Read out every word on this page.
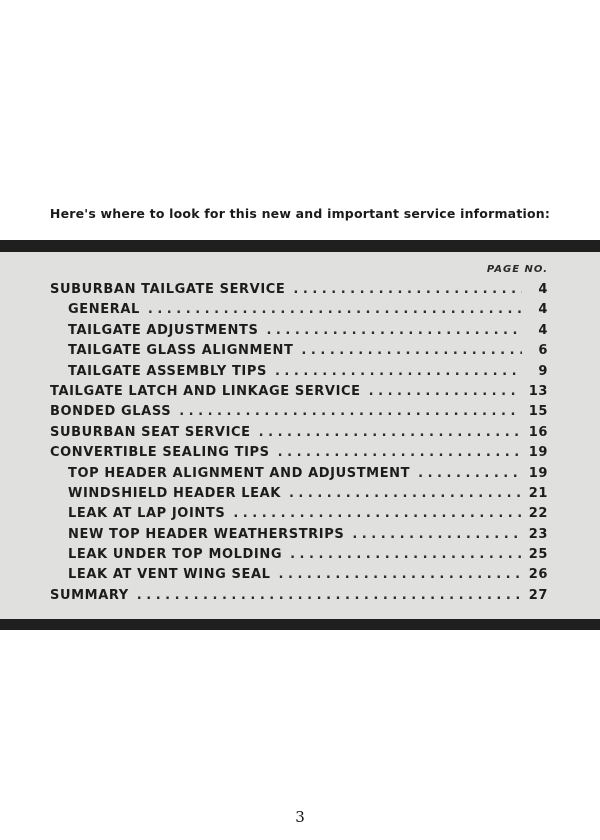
Here's where to look for this new and important service information:
PAGE NO.
SUBURBAN TAILGATE SERVICE . . .	4
GENERAL . . .	4
TAILGATE ADJUSTMENTS . . .	4
TAILGATE GLASS ALIGNMENT . . .	6
TAILGATE ASSEMBLY TIPS . . .	9
TAILGATE LATCH AND LINKAGE SERVICE . . .	13
BONDED GLASS . . .	15
SUBURBAN SEAT SERVICE . . .	16
CONVERTIBLE SEALING TIPS . . .	19
TOP HEADER ALIGNMENT AND ADJUSTMENT . . .	19
WINDSHIELD HEADER LEAK . . .	21
LEAK AT LAP JOINTS . . .	22
NEW TOP HEADER WEATHERSTRIPS . . .	23
LEAK UNDER TOP MOLDING . . .	25
LEAK AT VENT WING SEAL . . .	26
SUMMARY . . .	27
3
